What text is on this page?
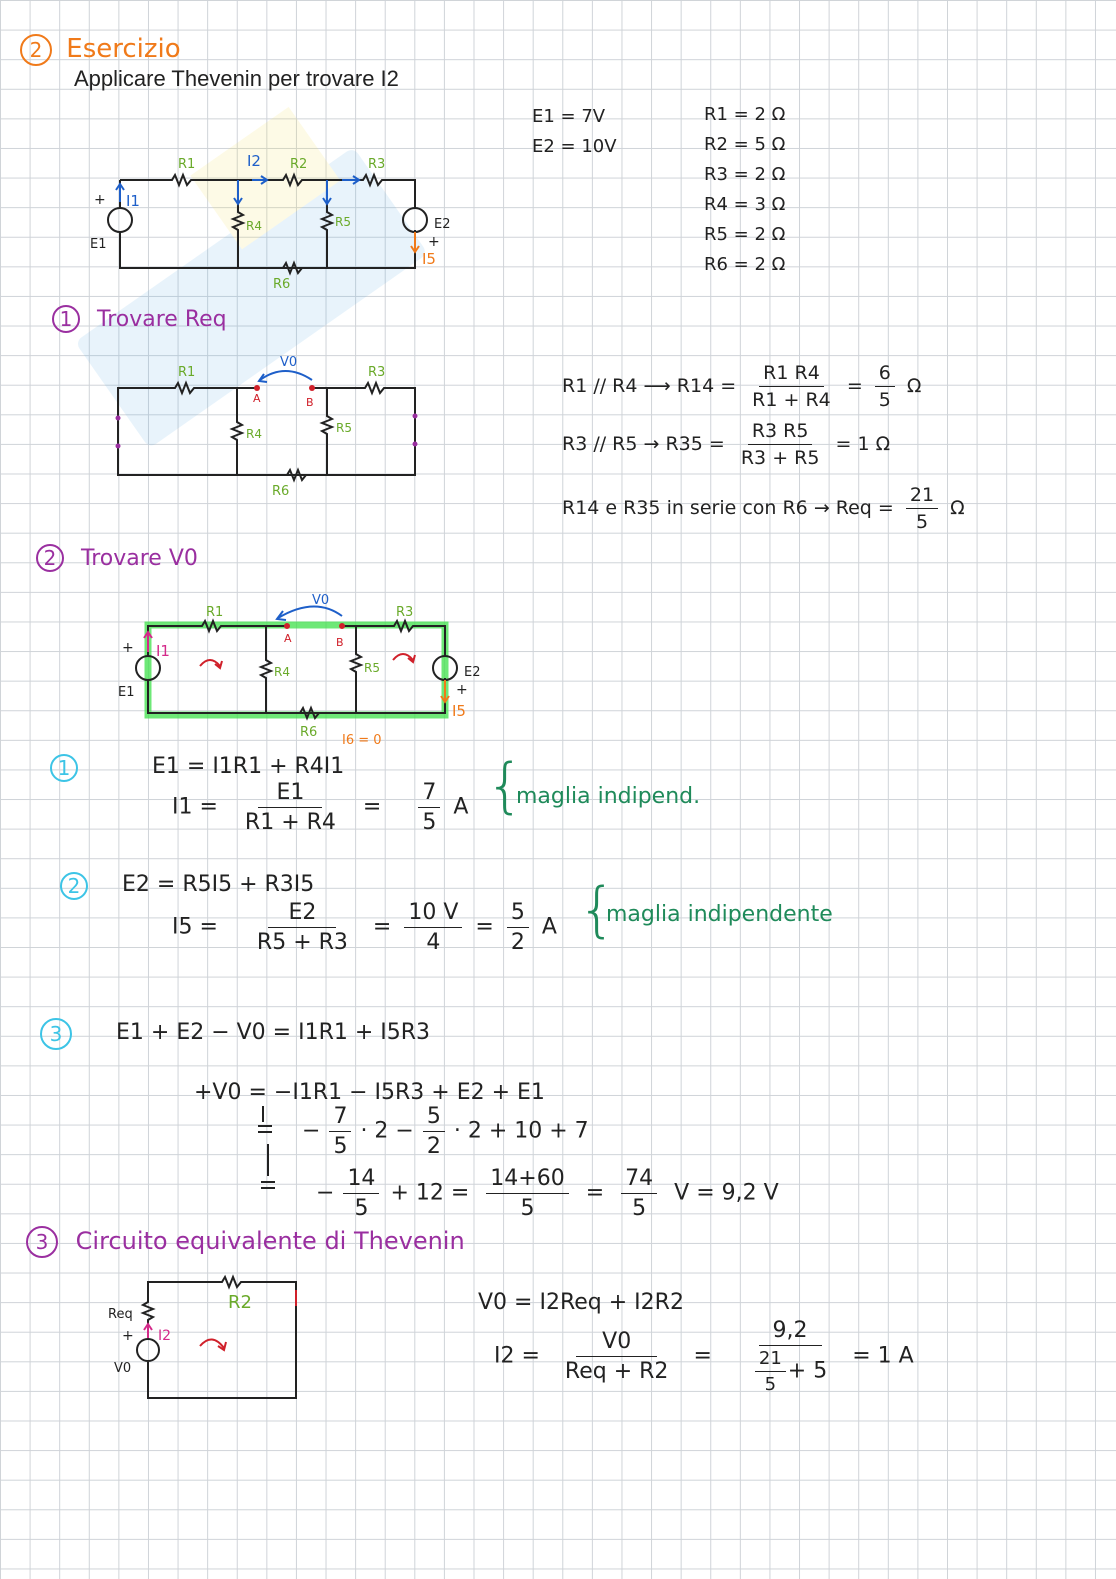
2 Esercizio
Applicare Thevenin per trovare I2
E1 = 7V
E2 = 10V
R1 = 2 Ω
R2 = 5 Ω
R3 = 2 Ω
R4 = 3 Ω
R5 = 2 Ω
R6 = 2 Ω
R1	I2 R2	R3
+ I1
E1
R4	R5	E2
+
I5
R6
1 Trovare Req
V0
A	B
R1	R3
R4	R5
R6
R1 // R4 ⟶ $R14 = \frac{R1 R4}{R1 + R4} = \frac{6}{5}$ Ω
$R3 // R5 \to R35 = \frac{R3 R5}{R3 + R5} = 1$ Ω
R14 e R35 in serie con R6 → Req = $\frac{21}{5}$ Ω
2 Trovare V0
V0
A	B
R1	R3
+ I1
E1
R4	R5	E2
+
I5
R6
I6 = 0
1	E1 = I1R1 + R4I1
$I1 = \frac{E1}{R1 + R4} = \frac{7}{5}$ A {
maglia indipend.
2	E2 = R5I5 + R3I5
$I5 = \frac{E2}{R5 + R3} = \frac{10 V}{4} = \frac{5}{2}$ A {
maglia indipendente
3	E1 + E2 − V0 = I1R1 + I5R3
+V0 = −I1R1 − I5R3 + E2 + E1
− $\frac{7}{5} \cdot 2 - \frac{5}{2} \cdot 2 + 10 + 7$
− $\frac{14}{5} + 12 = \frac{14+60}{5} = \frac{74}{5}$ V = 9,2 V
3 Circuito equivalente di Thevenin
Req
+ I2
V0
R2	V0 = I2Req + I2R2
$I2 = \frac{V0}{\text{Req + R2}} = \frac{9,2}{\frac{21}{5} + 5} = 1$ A
